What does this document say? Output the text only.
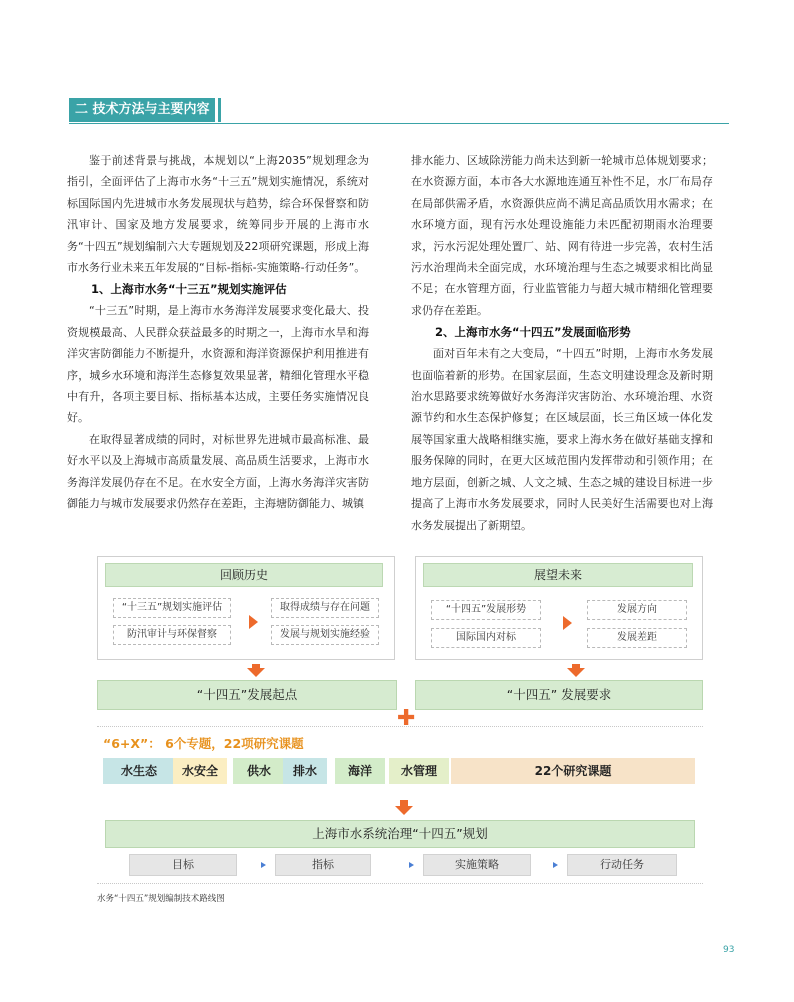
二 技术方法与主要内容

鉴于前述背景与挑战，本规划以“上海2035”规划理念为指引，全面评估了上海市水务“十三五”规划实施情况，系统对标国际国内先进城市水务发展现状与趋势，综合环保督察和防汛审计、国家及地方发展要求，统筹同步开展的上海市水务“十四五”规划编制六大专题规划及22项研究课题，形成上海市水务行业未来五年发展的“目标-指标-实施策略-行动任务”。

1、上海市水务“十三五”规划实施评估

“十三五”时期，是上海市水务海洋发展要求变化最大、投资规模最高、人民群众获益最多的时期之一，上海市水旱和海洋灾害防御能力不断提升，水资源和海洋资源保护利用推进有序，城乡水环境和海洋生态修复效果显著，精细化管理水平稳中有升，各项主要目标、指标基本达成，主要任务实施情况良好。

在取得显著成绩的同时，对标世界先进城市最高标准、最好水平以及上海城市高质量发展、高品质生活要求，上海市水务海洋发展仍存在不足。在水安全方面，上海水务海洋灾害防御能力与城市发展要求仍然存在差距，主海塘防御能力、城镇

排水能力、区域除涝能力尚未达到新一轮城市总体规划要求；在水资源方面，本市各大水源地连通互补性不足，水厂布局存在局部供需矛盾，水资源供应尚不满足高品质饮用水需求；在水环境方面，现有污水处理设施能力未匹配初期雨水治理要求，污水污泥处理处置厂、站、网有待进一步完善，农村生活污水治理尚未全面完成，水环境治理与生态之城要求相比尚显不足；在水管理方面，行业监管能力与超大城市精细化管理要求仍存在差距。

2、上海市水务“十四五”发展面临形势

面对百年未有之大变局，“十四五”时期，上海市水务发展也面临着新的形势。在国家层面，生态文明建设理念及新时期治水思路要求统筹做好水务海洋灾害防治、水环境治理、水资源节约和水生态保护修复；在区域层面，长三角区域一体化发展等国家重大战略相继实施，要求上海水务在做好基础支撑和服务保障的同时，在更大区域范围内发挥带动和引领作用；在地方层面，创新之城、人文之城、生态之城的建设目标进一步提高了上海市水务发展要求，同时人民美好生活需要也对上海水务发展提出了新期望。

回顾历史
“十三五”规划实施评估
防汛审计与环保督察
取得成绩与存在问题
发展与规划实施经验
展望未来
“十四五”发展形势
国际国内对标
发展方向
发展差距
“十四五”发展起点	“十四五” 发展要求
✚
“6+X”： 6个专题，22项研究课题
水生态	水安全	供水	排水	海洋	水管理	22个研究课题
上海市水系统治理“十四五”规划
目标	指标	实施策略	行动任务
水务“十四五”规划编制技术路线图
93
